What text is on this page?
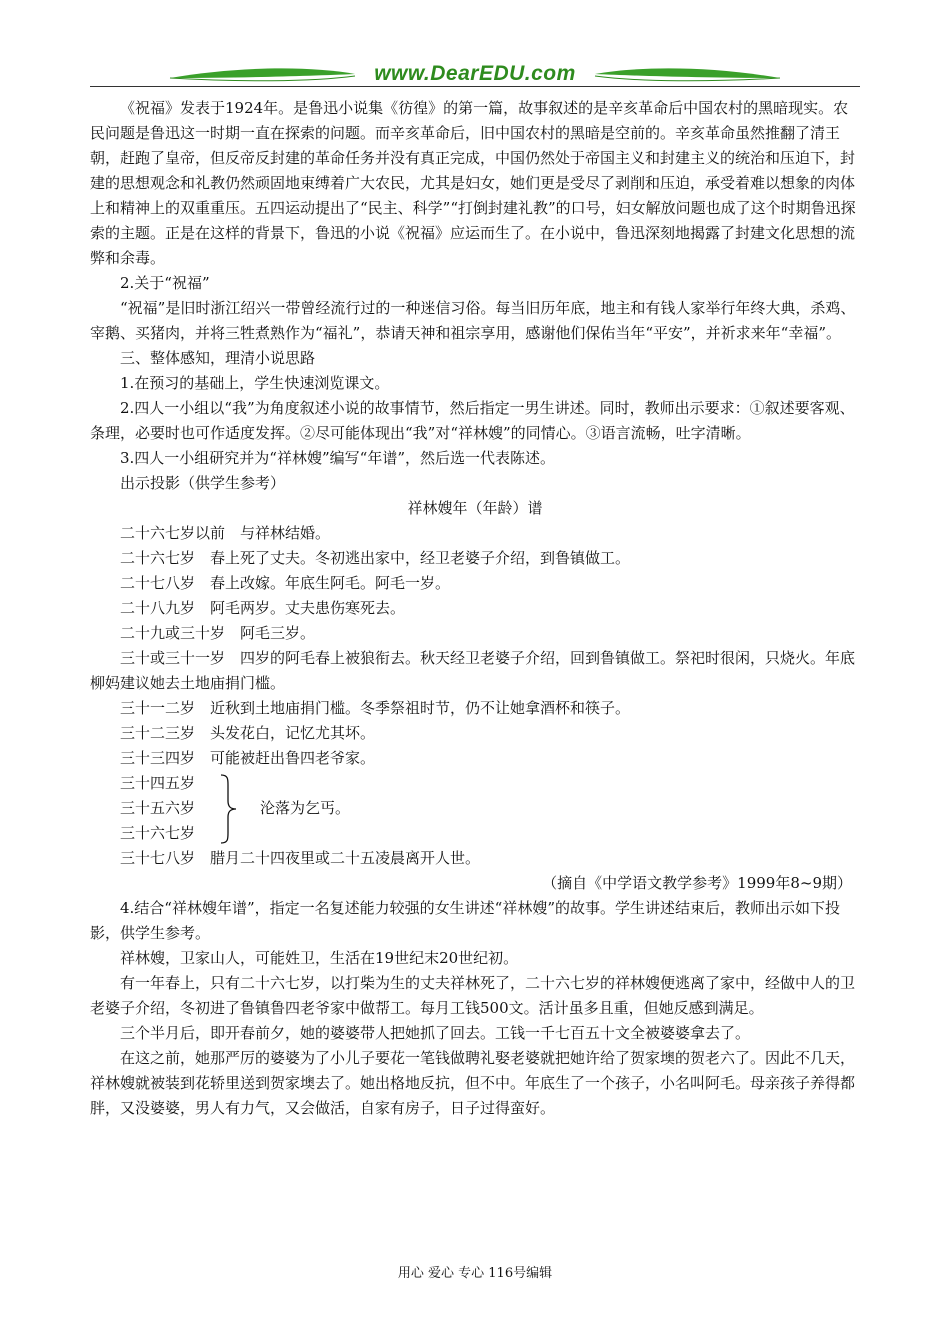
www.DearEDU.com

《祝福》发表于1924年。是鲁迅小说集《彷徨》的第一篇，故事叙述的是辛亥革命后中国农村的黑暗现实。农民问题是鲁迅这一时期一直在探索的问题。而辛亥革命后，旧中国农村的黑暗是空前的。辛亥革命虽然推翻了清王朝，赶跑了皇帝，但反帝反封建的革命任务并没有真正完成，中国仍然处于帝国主义和封建主义的统治和压迫下，封建的思想观念和礼教仍然顽固地束缚着广大农民，尤其是妇女，她们更是受尽了剥削和压迫，承受着难以想象的肉体上和精神上的双重重压。五四运动提出了“民主、科学”“打倒封建礼教”的口号，妇女解放问题也成了这个时期鲁迅探索的主题。正是在这样的背景下，鲁迅的小说《祝福》应运而生了。在小说中，鲁迅深刻地揭露了封建文化思想的流弊和余毒。

2.关于“祝福”

“祝福”是旧时浙江绍兴一带曾经流行过的一种迷信习俗。每当旧历年底，地主和有钱人家举行年终大典，杀鸡、宰鹅、买猪肉，并将三牲煮熟作为“福礼”，恭请天神和祖宗享用，感谢他们保佑当年“平安”，并祈求来年“幸福”。

三、整体感知，理清小说思路

1.在预习的基础上，学生快速浏览课文。

2.四人一小组以“我”为角度叙述小说的故事情节，然后指定一男生讲述。同时，教师出示要求：①叙述要客观、条理，必要时也可作适度发挥。②尽可能体现出“我”对“祥林嫂”的同情心。③语言流畅，吐字清晰。

3.四人一小组研究并为“祥林嫂”编写“年谱”，然后选一代表陈述。

出示投影（供学生参考）

祥林嫂年（年龄）谱

二十六七岁以前　与祥林结婚。

二十六七岁　春上死了丈夫。冬初逃出家中，经卫老婆子介绍，到鲁镇做工。

二十七八岁　春上改嫁。年底生阿毛。阿毛一岁。

二十八九岁　阿毛两岁。丈夫患伤寒死去。

二十九或三十岁　阿毛三岁。

三十或三十一岁　四岁的阿毛春上被狼衔去。秋天经卫老婆子介绍，回到鲁镇做工。祭祀时很闲，只烧火。年底柳妈建议她去土地庙捐门槛。

三十一二岁　近秋到土地庙捐门槛。冬季祭祖时节，仍不让她拿酒杯和筷子。

三十二三岁　头发花白，记忆尤其坏。

三十三四岁　可能被赶出鲁四老爷家。

三十四五岁
三十五六岁
三十六七岁
沦落为乞丐。

三十七八岁　腊月二十四夜里或二十五凌晨离开人世。

（摘自《中学语文教学参考》1999年8~9期）

4.结合“祥林嫂年谱”，指定一名复述能力较强的女生讲述“祥林嫂”的故事。学生讲述结束后，教师出示如下投影，供学生参考。

祥林嫂，卫家山人，可能姓卫，生活在19世纪末20世纪初。

有一年春上，只有二十六七岁，以打柴为生的丈夫祥林死了，二十六七岁的祥林嫂便逃离了家中，经做中人的卫老婆子介绍，冬初进了鲁镇鲁四老爷家中做帮工。每月工钱500文。活计虽多且重，但她反感到满足。

三个半月后，即开春前夕，她的婆婆带人把她抓了回去。工钱一千七百五十文全被婆婆拿去了。

在这之前，她那严厉的婆婆为了小儿子要花一笔钱做聘礼娶老婆就把她许给了贺家墺的贺老六了。因此不几天，祥林嫂就被装到花轿里送到贺家墺去了。她出格地反抗，但不中。年底生了一个孩子，小名叫阿毛。母亲孩子养得都胖，又没婆婆，男人有力气，又会做活，自家有房子，日子过得蛮好。

用心 爱心 专心 116号编辑
